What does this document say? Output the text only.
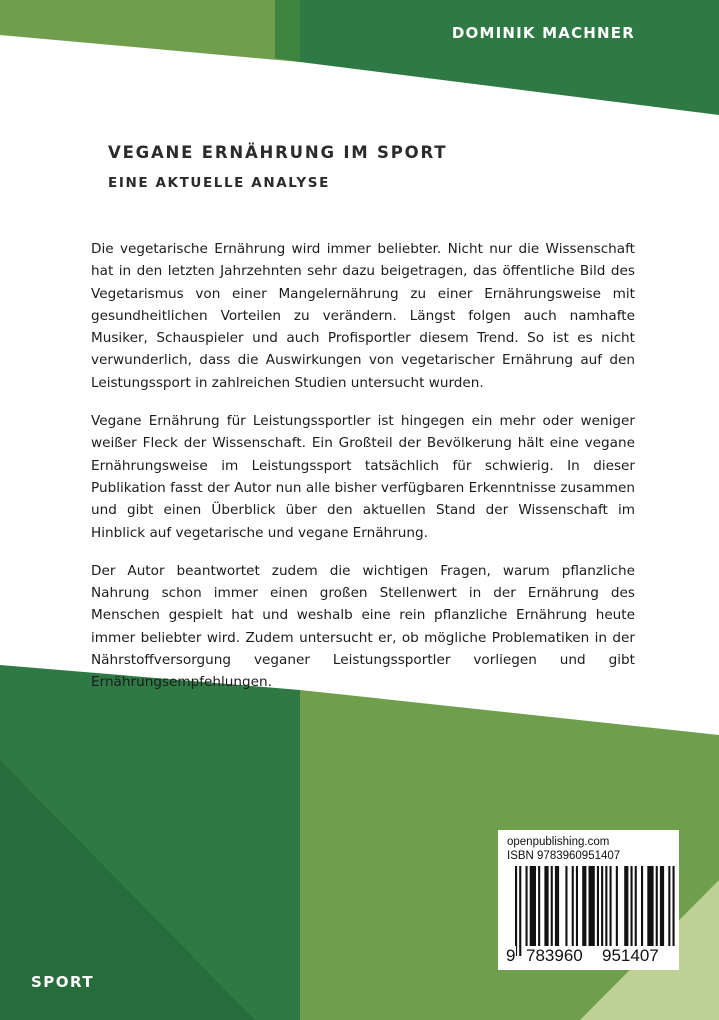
DOMINIK MACHNER
VEGANE ERNÄHRUNG IM SPORT
EINE AKTUELLE ANALYSE

Die vegetarische Ernährung wird immer beliebter. Nicht nur die Wissenschaft hat in den letzten Jahrzehnten sehr dazu beigetragen, das öffentliche Bild des Vegetarismus von einer Mangelernährung zu einer Ernährungsweise mit gesundheitlichen Vorteilen zu verändern. Längst folgen auch namhafte Musiker, Schauspieler und auch Profisportler diesem Trend. So ist es nicht verwunderlich, dass die Auswirkungen von vegetarischer Ernährung auf den Leistungssport in zahlreichen Studien untersucht wurden.

Vegane Ernährung für Leistungssportler ist hingegen ein mehr oder weniger weißer Fleck der Wissenschaft. Ein Großteil der Bevölkerung hält eine vegane Ernährungsweise im Leistungssport tatsächlich für schwierig. In dieser Publikation fasst der Autor nun alle bisher verfügbaren Erkenntnisse zusammen und gibt einen Überblick über den aktuellen Stand der Wissenschaft im Hinblick auf vegetarische und vegane Ernährung.

Der Autor beantwortet zudem die wichtigen Fragen, warum pflanzliche Nahrung schon immer einen großen Stellenwert in der Ernährung des Menschen gespielt hat und weshalb eine rein pflanzliche Ernährung heute immer beliebter wird. Zudem untersucht er, ob mögliche Problematiken in der Nährstoffversorgung veganer Leistungssportler vorliegen und gibt Ernährungsempfehlungen.

SPORT
openpublishing.com
ISBN 9783960951407
9 783960 951407
